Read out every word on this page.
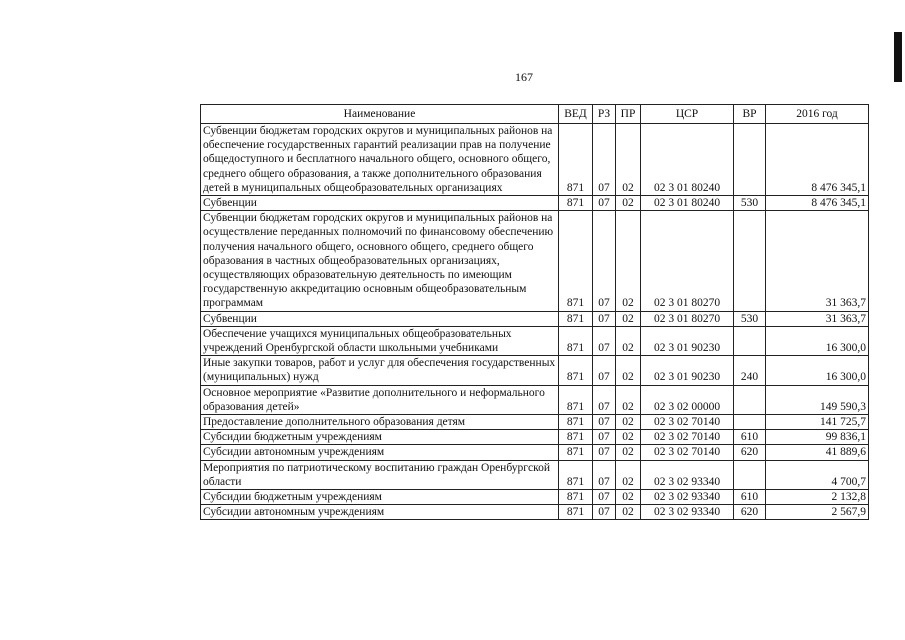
167
Наименование	ВЕД	РЗ	ПР	ЦСР	ВР	2016 год
Субвенции бюджетам городских округов и муниципальных районов на обеспечение государственных гарантий реализации прав на получение общедоступного и бесплатного начального общего, основного общего, среднего общего образования, а также дополнительного образования детей в муниципальных общеобразовательных организациях	871	07	02	02 3 01 80240		8 476 345,1
Субвенции	871	07	02	02 3 01 80240	530	8 476 345,1
Субвенции бюджетам городских округов и муниципальных районов на осуществление переданных полномочий по финансовому обеспечению получения начального общего, основного общего, среднего общего образования в частных общеобразовательных организациях, осуществляющих образовательную деятельность по имеющим государственную аккредитацию основным общеобразовательным программам	871	07	02	02 3 01 80270		31 363,7
Субвенции	871	07	02	02 3 01 80270	530	31 363,7
Обеспечение учащихся муниципальных общеобразовательных учреждений Оренбургской области школьными учебниками	871	07	02	02 3 01 90230		16 300,0
Иные закупки товаров, работ и услуг для обеспечения государственных (муниципальных) нужд	871	07	02	02 3 01 90230	240	16 300,0
Основное мероприятие «Развитие дополнительного и неформального образования детей»	871	07	02	02 3 02 00000		149 590,3
Предоставление дополнительного образования детям	871	07	02	02 3 02 70140		141 725,7
Субсидии бюджетным учреждениям	871	07	02	02 3 02 70140	610	99 836,1
Субсидии автономным учреждениям	871	07	02	02 3 02 70140	620	41 889,6
Мероприятия по патриотическому воспитанию граждан Оренбургской области	871	07	02	02 3 02 93340		4 700,7
Субсидии бюджетным учреждениям	871	07	02	02 3 02 93340	610	2 132,8
Субсидии автономным учреждениям	871	07	02	02 3 02 93340	620	2 567,9
